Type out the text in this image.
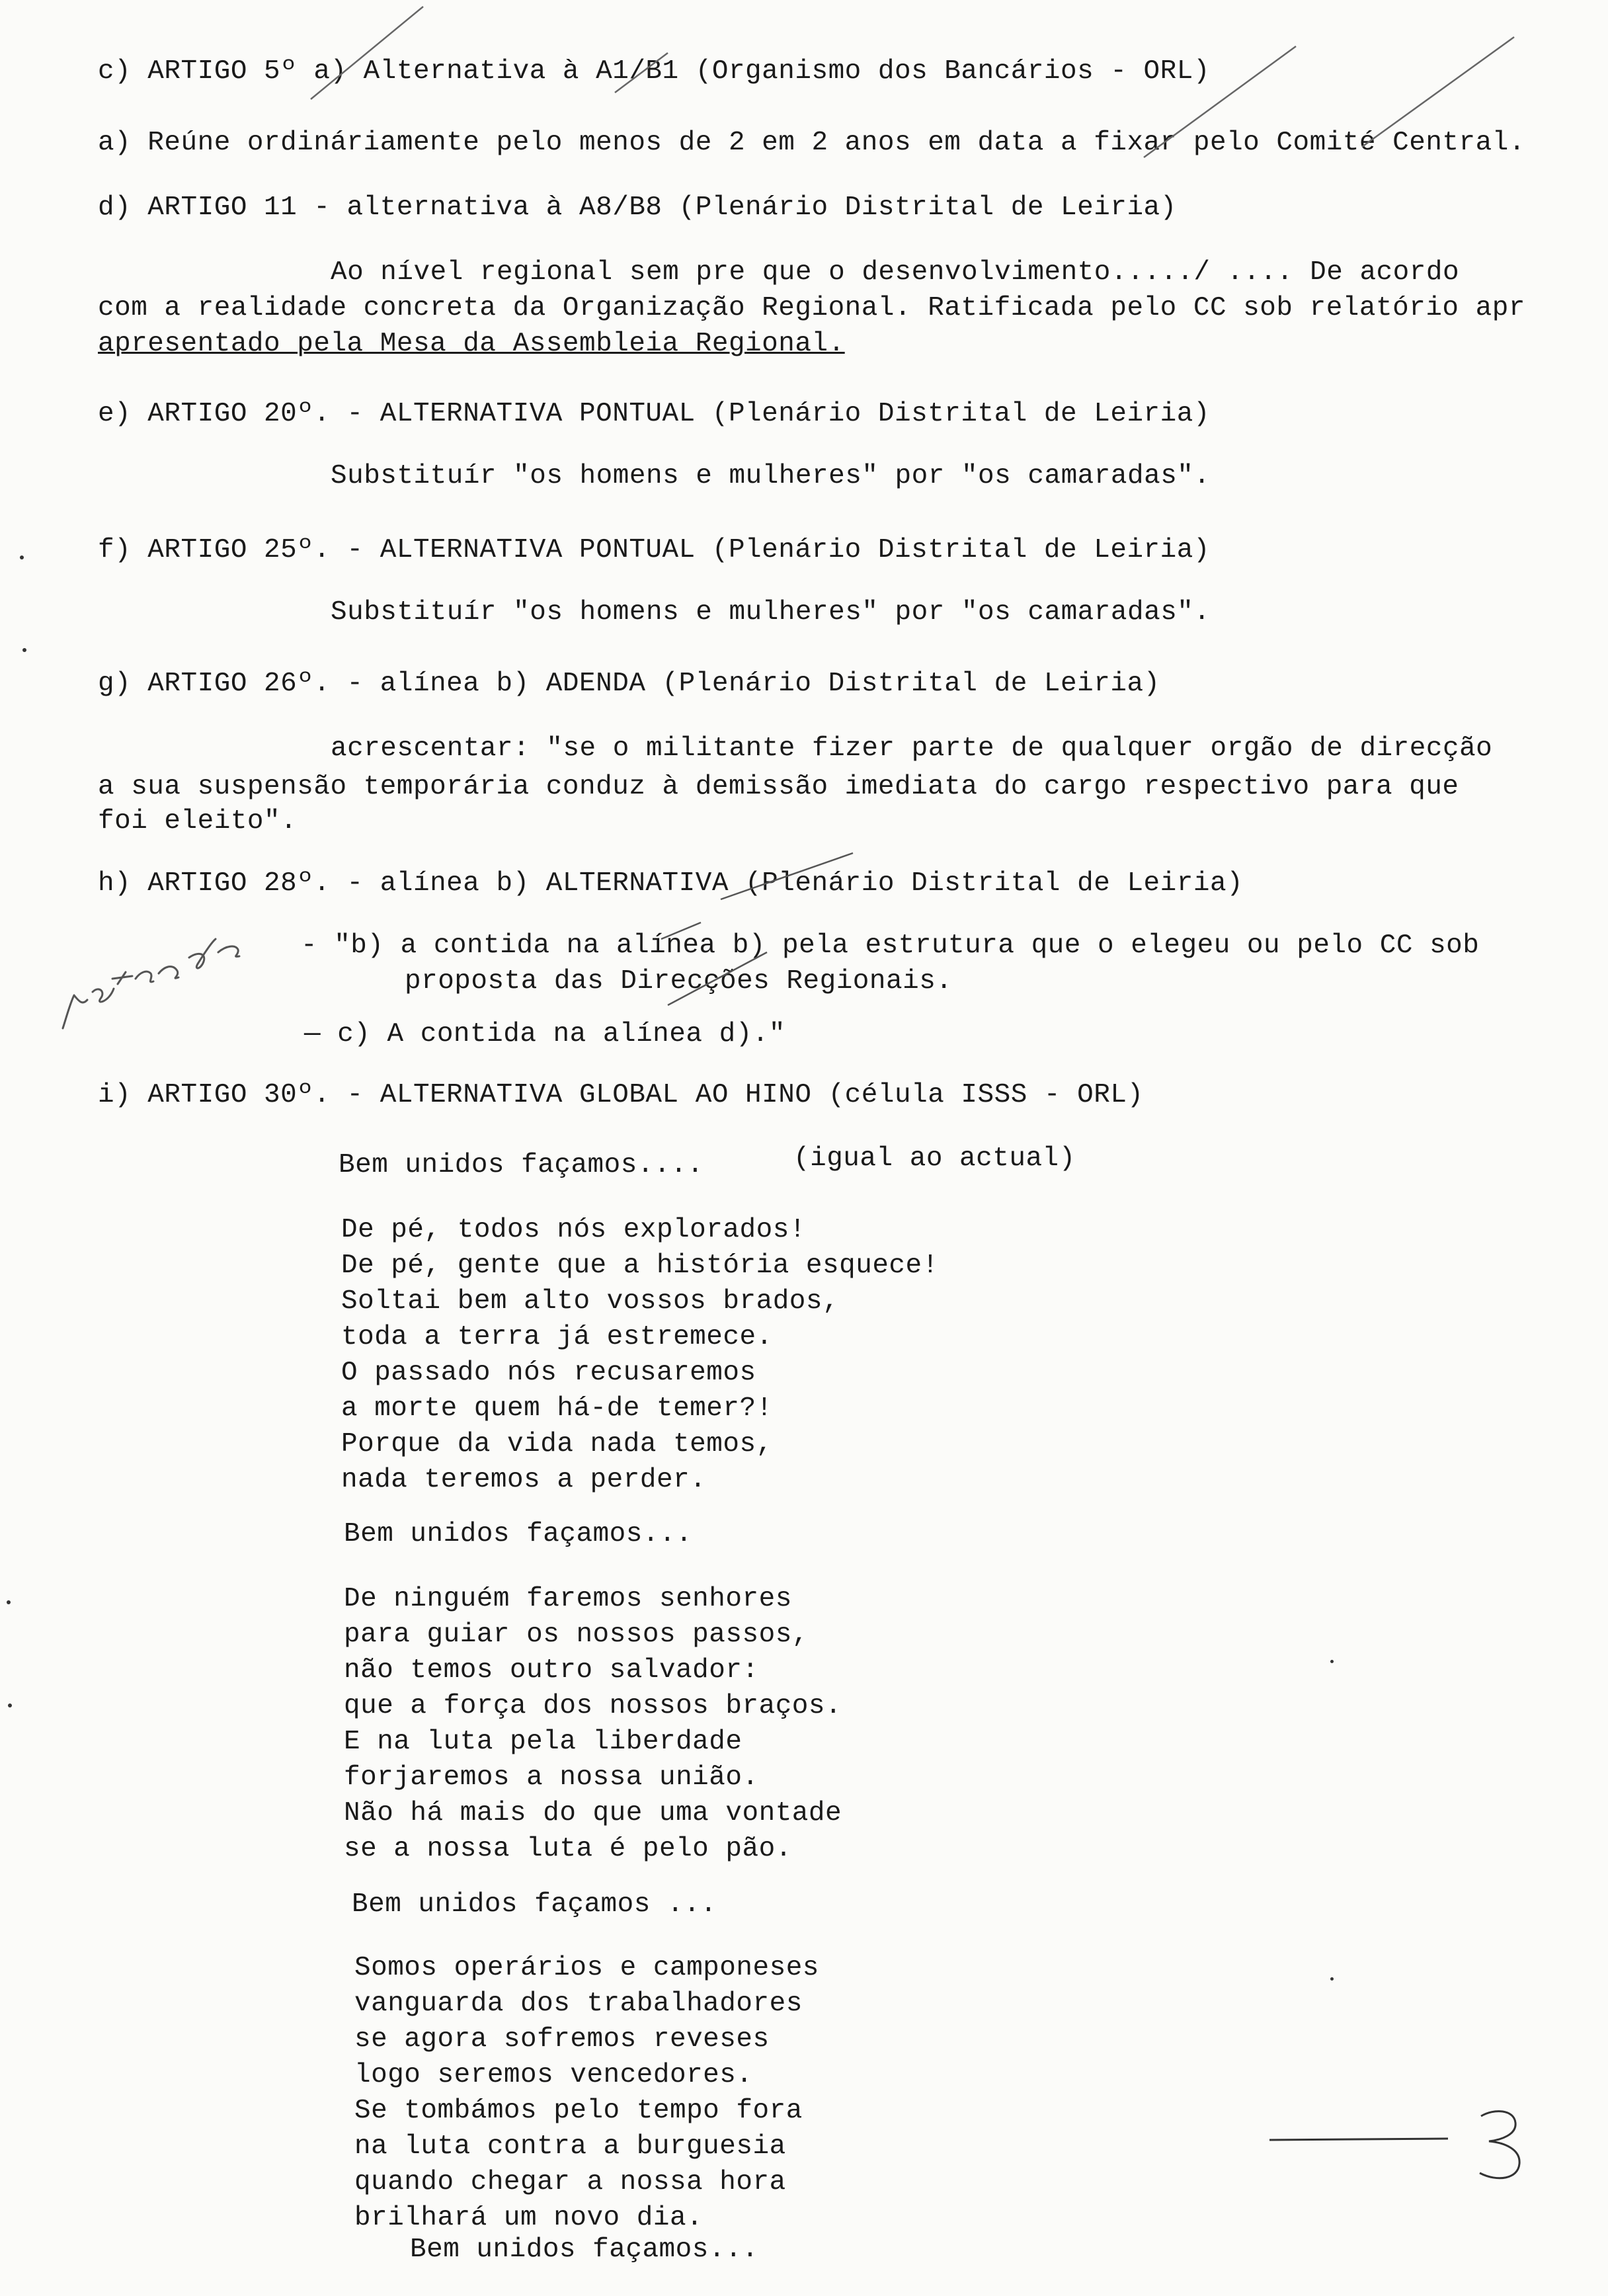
c) ARTIGO 5º a) Alternativa à A1/B1 (Organismo dos Bancários - ORL)
a) Reúne ordináriamente pelo menos de 2 em 2 anos em data a fixar pelo Comité Central.
d) ARTIGO 11 - alternativa à A8/B8 (Plenário Distrital de Leiria)
Ao nível regional sem pre que o desenvolvimento...../ .... De acordo
com a realidade concreta da Organização Regional. Ratificada pelo CC sob relatório apr
apresentado pela Mesa da Assembleia Regional.
e) ARTIGO 20º. - ALTERNATIVA PONTUAL (Plenário Distrital de Leiria)
Substituír "os homens e mulheres" por "os camaradas".
f) ARTIGO 25º. - ALTERNATIVA PONTUAL (Plenário Distrital de Leiria)
Substituír "os homens e mulheres" por "os camaradas".
g) ARTIGO 26º. - alínea b) ADENDA (Plenário Distrital de Leiria)
acrescentar: "se o militante fizer parte de qualquer orgão de direcção
a sua suspensão temporária conduz à demissão imediata do cargo respectivo para que
foi eleito".
h) ARTIGO 28º. - alínea b) ALTERNATIVA (Plenário Distrital de Leiria)
- "b) a contida na alínea b) pela estrutura que o elegeu ou pelo CC sob
proposta das Direcções Regionais.
— c) A contida na alínea d)."
i) ARTIGO 30º. - ALTERNATIVA GLOBAL AO HINO (célula ISSS - ORL)
Bem unidos façamos....	(igual ao actual)
De pé, todos nós explorados!
De pé, gente que a história esquece!
Soltai bem alto vossos brados,
toda a terra já estremece.
O passado nós recusaremos
a morte quem há-de temer?!
Porque da vida nada temos,
nada teremos a perder.
Bem unidos façamos...
De ninguém faremos senhores
para guiar os nossos passos,
não temos outro salvador:
que a força dos nossos braços.
E na luta pela liberdade
forjaremos a nossa união.
Não há mais do que uma vontade
se a nossa luta é pelo pão.
Bem unidos façamos ...
Somos operários e camponeses
vanguarda dos trabalhadores
se agora sofremos reveses
logo seremos vencedores.
Se tombámos pelo tempo fora
na luta contra a burguesia
quando chegar a nossa hora
brilhará um novo dia.
Bem unidos façamos...
